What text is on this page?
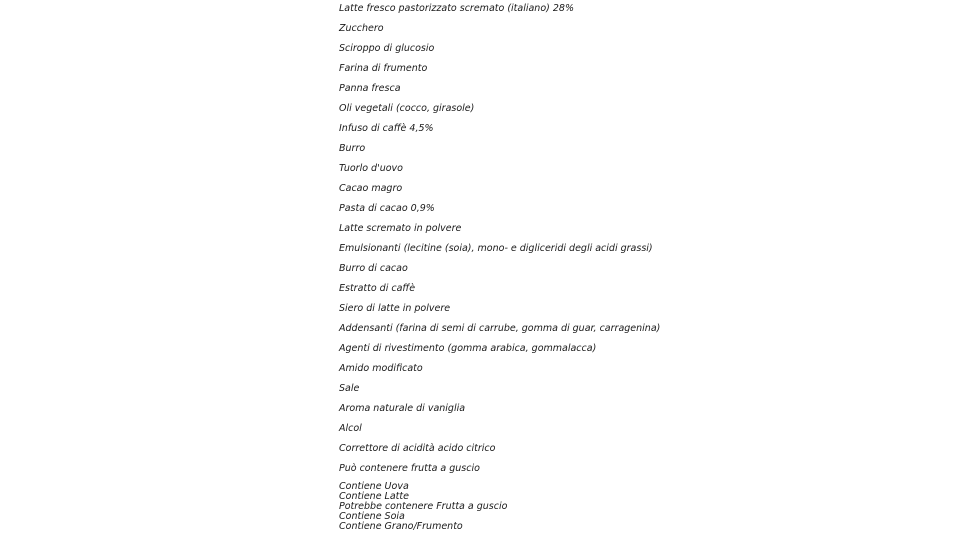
Latte fresco pastorizzato scremato (italiano) 28%
Zucchero
Sciroppo di glucosio
Farina di frumento
Panna fresca
Oli vegetali (cocco, girasole)
Infuso di caffè 4,5%
Burro
Tuorlo d'uovo
Cacao magro
Pasta di cacao 0,9%
Latte scremato in polvere
Emulsionanti (lecitine (soia), mono- e digliceridi degli acidi grassi)
Burro di cacao
Estratto di caffè
Siero di latte in polvere
Addensanti (farina di semi di carrube, gomma di guar, carragenina)
Agenti di rivestimento (gomma arabica, gommalacca)
Amido modificato
Sale
Aroma naturale di vaniglia
Alcol
Correttore di acidità acido citrico
Può contenere frutta a guscio
Contiene Uova
Contiene Latte
Potrebbe contenere Frutta a guscio
Contiene Soia
Contiene Grano/Frumento
